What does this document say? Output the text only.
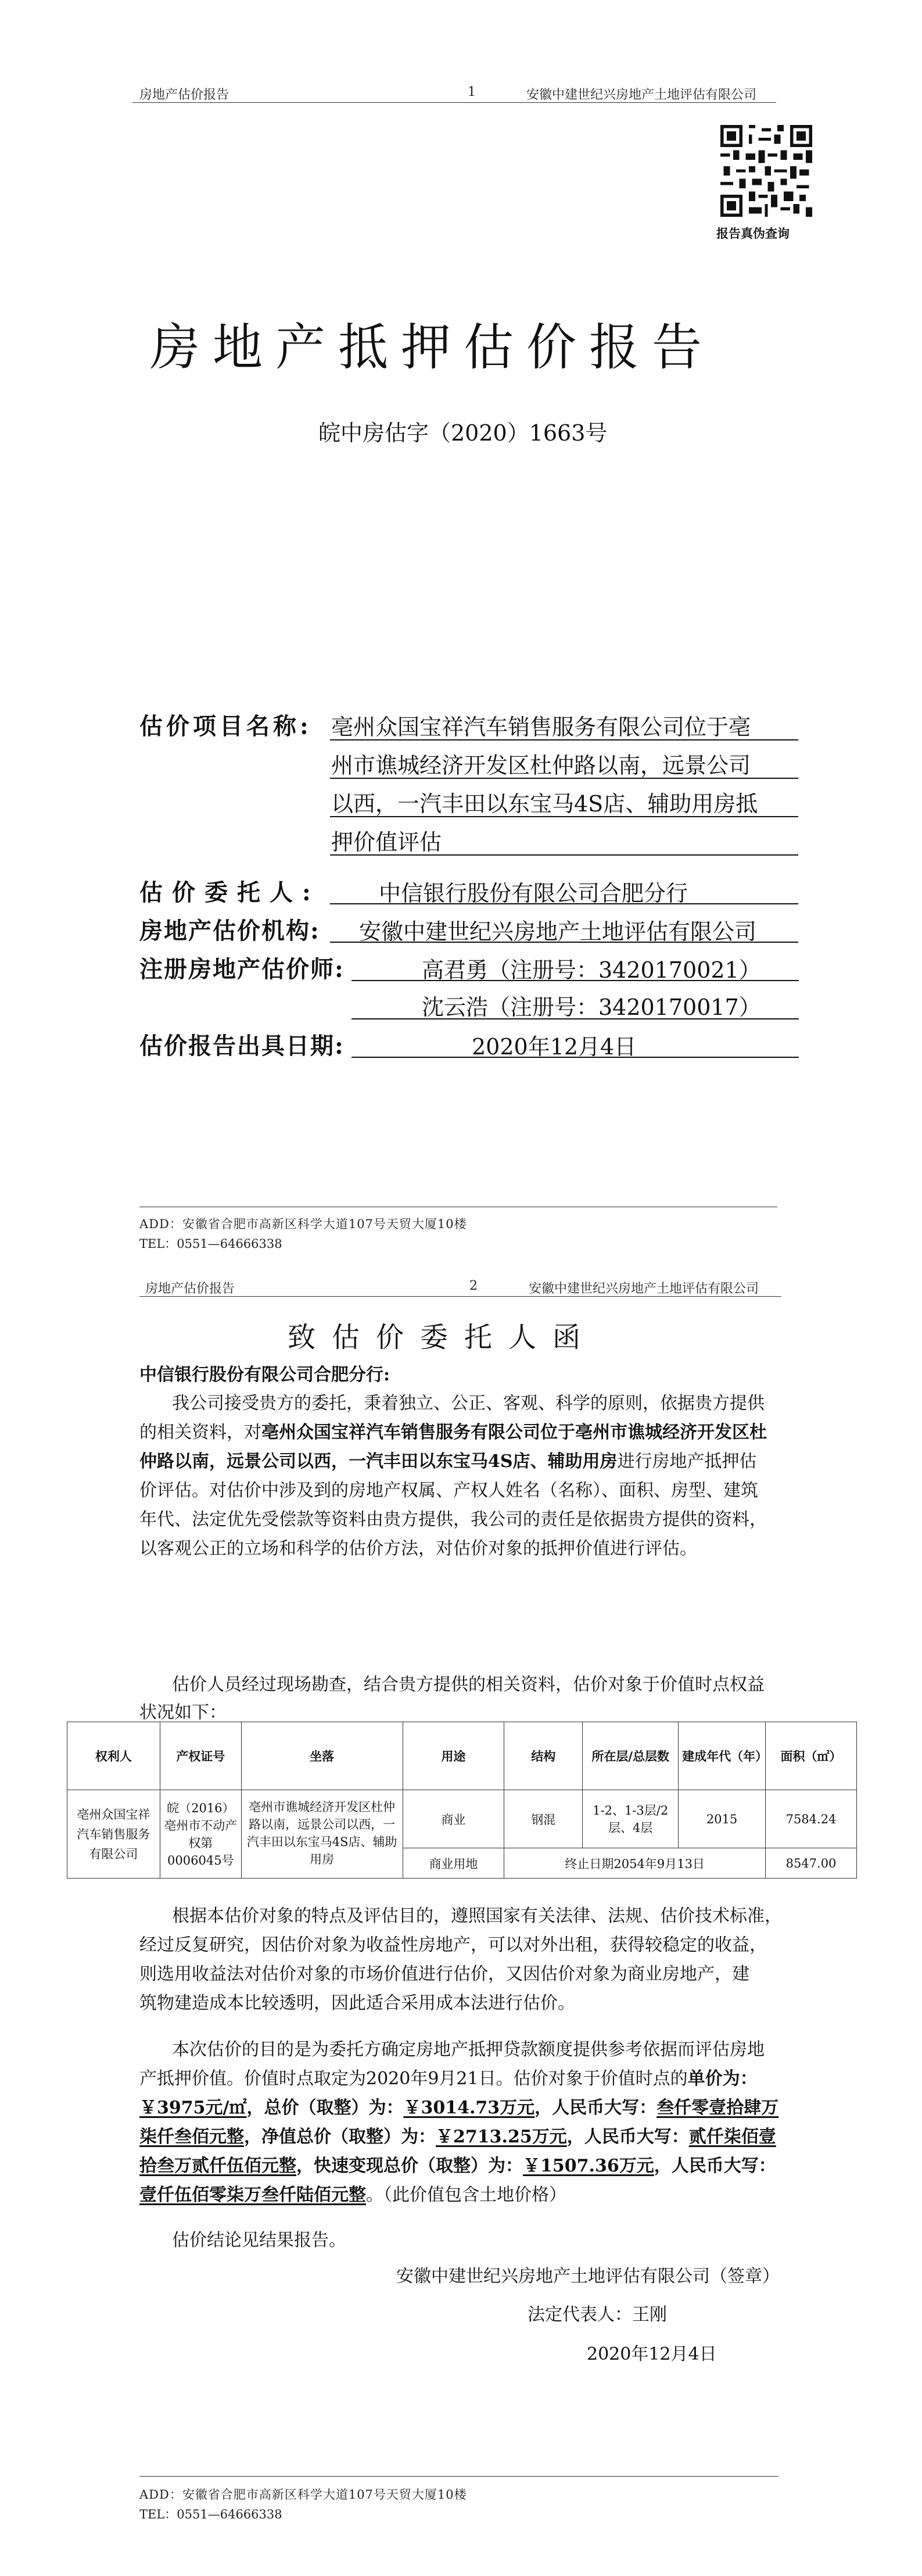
房地产估价报告	1	安徽中建世纪兴房地产土地评估有限公司
报告真伪查询
房地产抵押估价报告
皖中房估字（2020）1663号
估价项目名称: 亳州众国宝祥汽车销售服务有限公司位于亳
州市谯城经济开发区杜仲路以南，远景公司
以西，一汽丰田以东宝马4S店、辅助用房抵
押价值评估
估价委托人:	中信银行股份有限公司合肥分行
房地产估价机构: 安徽中建世纪兴房地产土地评估有限公司
注册房地产估价师:	高君勇（注册号：3420170021）
沈云浩（注册号：3420170017）
估价报告出具日期:	2020年12月4日
ADD：安徽省合肥市高新区科学大道107号天贸大厦10楼
TEL：0551—64666338
房地产估价报告	2	安徽中建世纪兴房地产土地评估有限公司
致估价委托人函
中信银行股份有限公司合肥分行:
我公司接受贵方的委托，秉着独立、公正、客观、科学的原则，依据贵方提供
的相关资料，对亳州众国宝祥汽车销售服务有限公司位于亳州市谯城经济开发区杜
仲路以南，远景公司以西，一汽丰田以东宝马4S店、辅助用房进行房地产抵押估
价评估。对估价中涉及到的房地产权属、产权人姓名（名称）、面积、房型、建筑
年代、法定优先受偿款等资料由贵方提供，我公司的责任是依据贵方提供的资料，
以客观公正的立场和科学的估价方法，对估价对象的抵押价值进行评估。
估价人员经过现场勘查，结合贵方提供的相关资料，估价对象于价值时点权益
状况如下：
权利人	产权证号	坐落	用途	结构	所在层/总层数	建成年代（年）	面积（㎡）
亳州众国宝祥汽车销售服务有限公司	皖（2016）亳州市不动产权第0006045号	亳州市谯城经济开发区杜仲路以南，远景公司以西，一汽丰田以东宝马4S店、辅助用房	商业	钢混	1-2、1-3层/2层、4层	2015	7584.24
			商业用地	终止日期2054年9月13日			8547.00
根据本估价对象的特点及评估目的，遵照国家有关法律、法规、估价技术标准，
经过反复研究，因估价对象为收益性房地产，可以对外出租，获得较稳定的收益，
则选用收益法对估价对象的市场价值进行估价，又因估价对象为商业房地产，建
筑物建造成本比较透明，因此适合采用成本法进行估价。
本次估价的目的是为委托方确定房地产抵押贷款额度提供参考依据而评估房地
产抵押价值。价值时点取定为2020年9月21日。估价对象于价值时点的单价为：
￥3975元/㎡，总价（取整）为：￥3014.73万元，人民币大写：叁仟零壹拾肆万
柒仟叁佰元整，净值总价（取整）为：￥2713.25万元，人民币大写：贰仟柒佰壹
拾叁万贰仟伍佰元整，快速变现总价（取整）为：￥1507.36万元，人民币大写：
壹仟伍佰零柒万叁仟陆佰元整。（此价值包含土地价格）
估价结论见结果报告。
安徽中建世纪兴房地产土地评估有限公司（签章）
法定代表人：王刚
2020年12月4日
ADD：安徽省合肥市高新区科学大道107号天贸大厦10楼
TEL：0551—64666338
